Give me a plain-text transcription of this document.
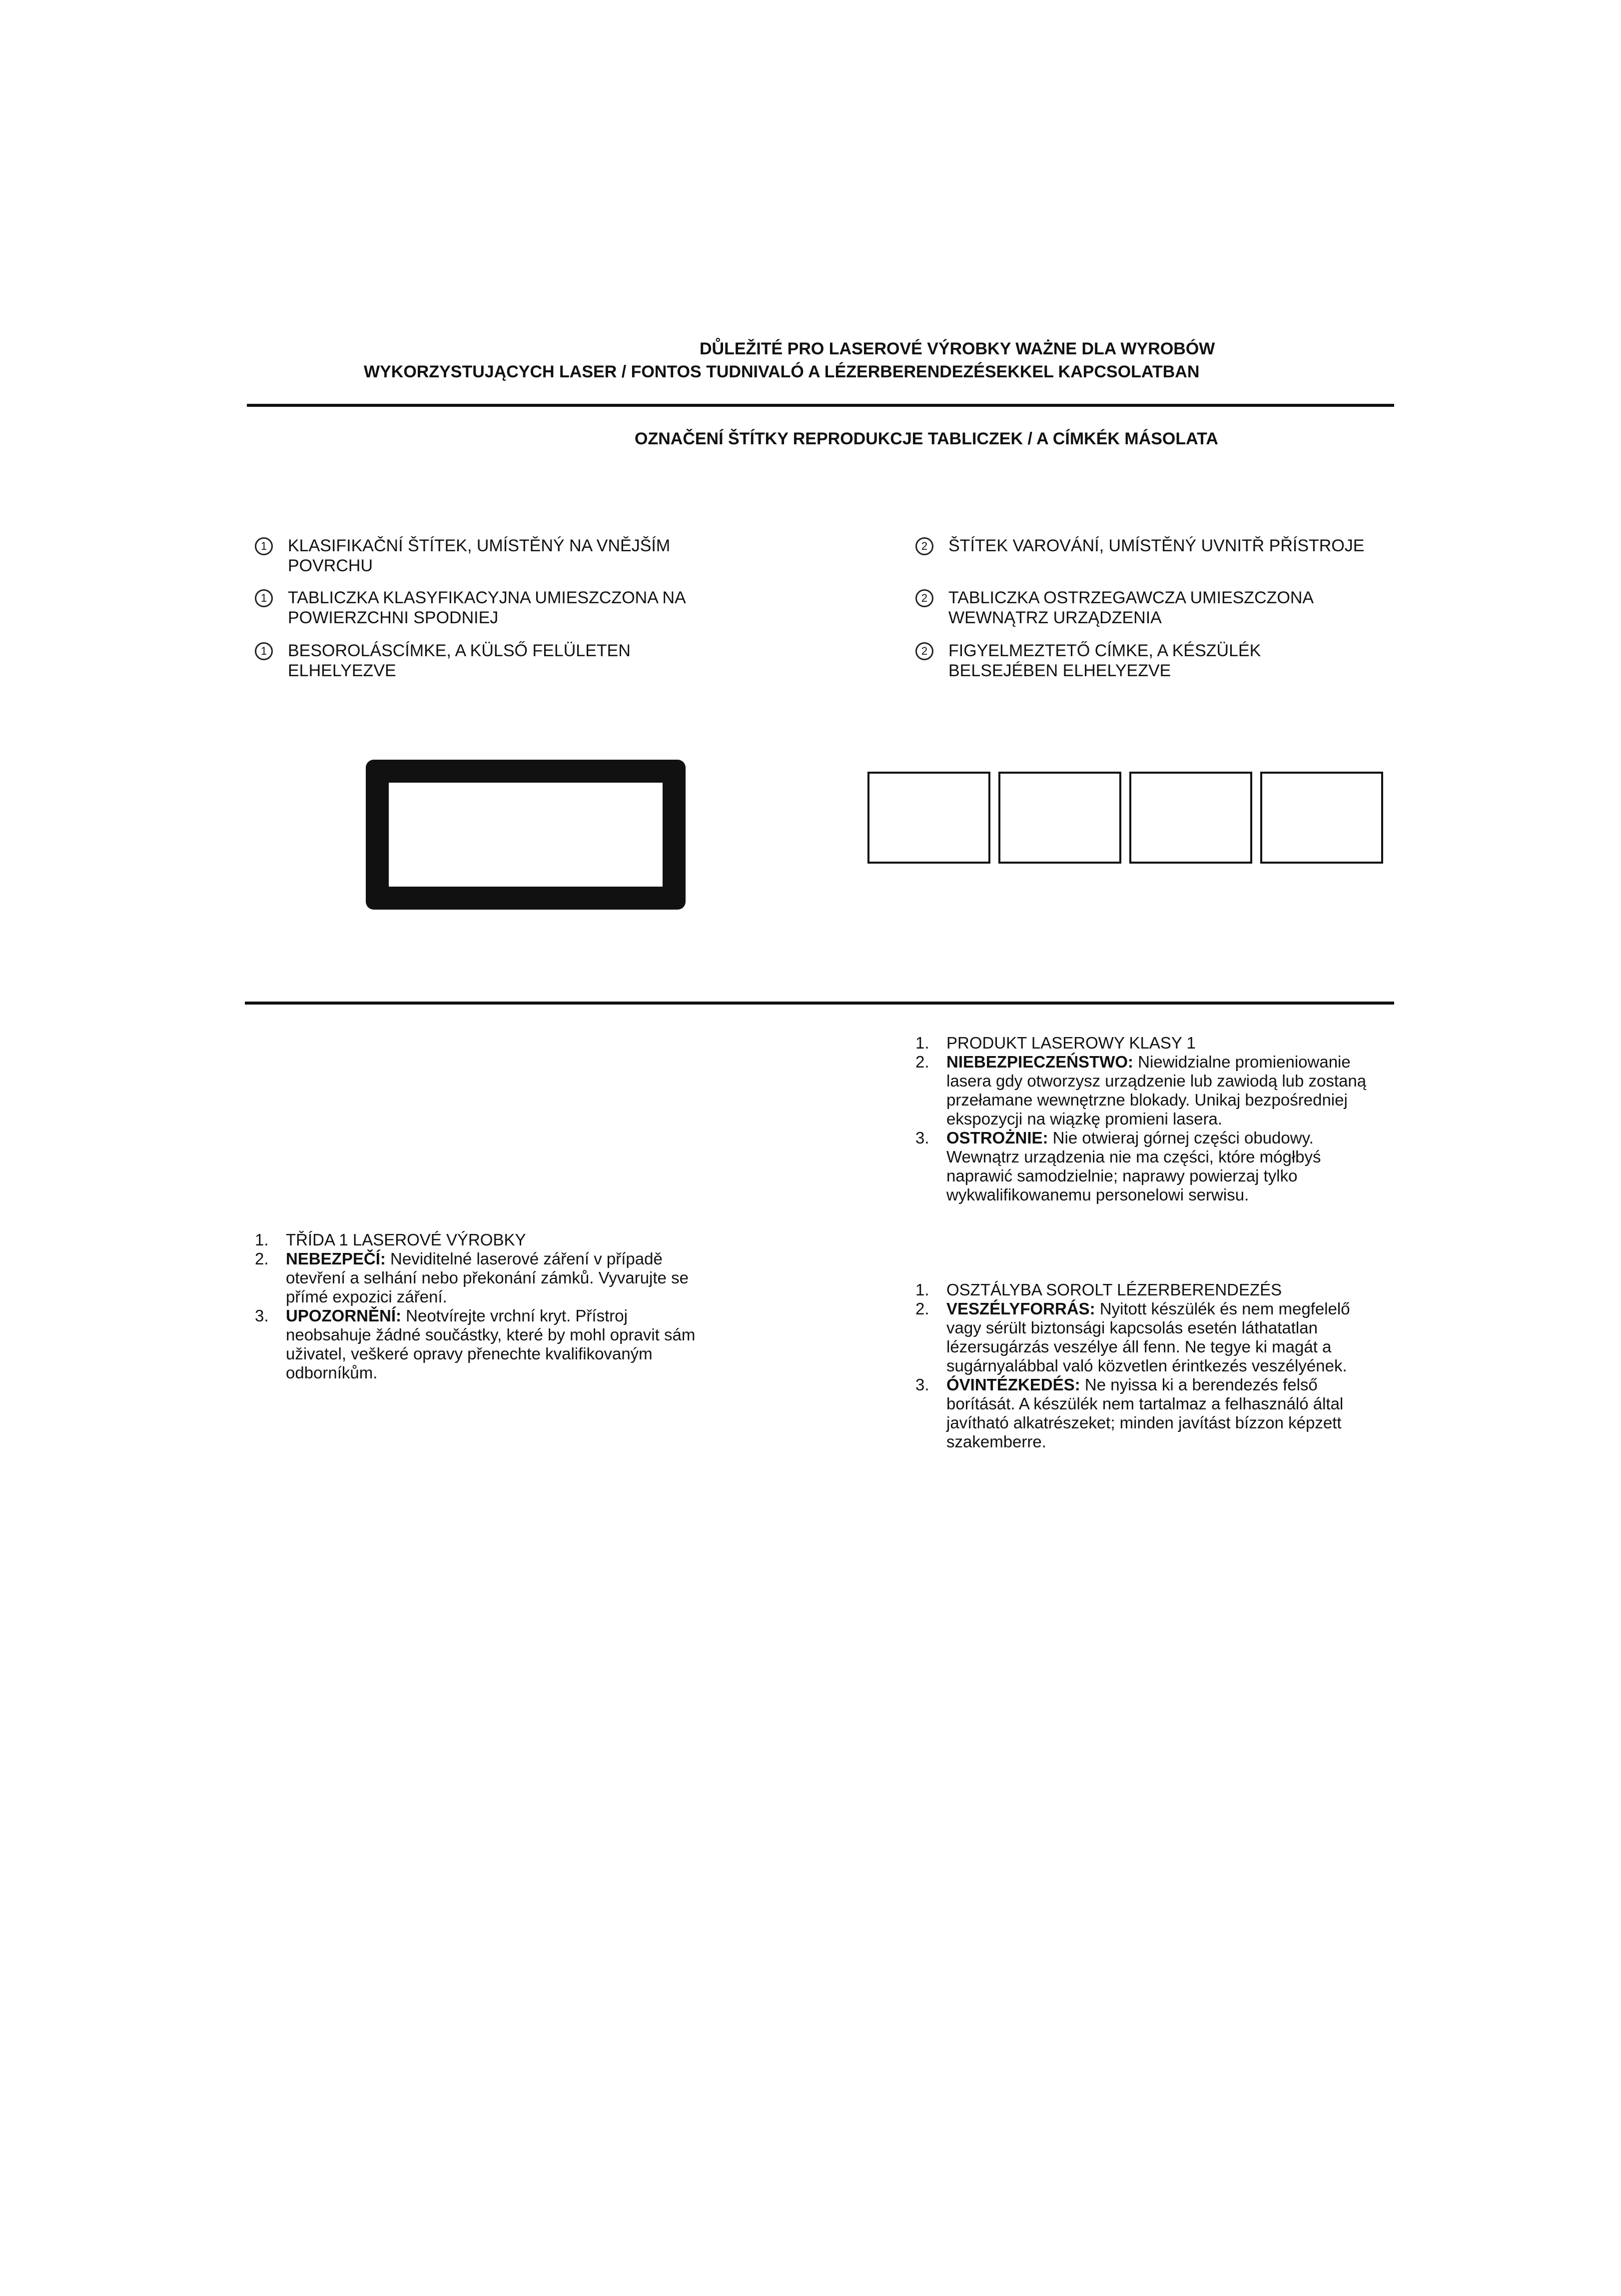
DŮLEŽITÉ PRO LASEROVÉ VÝROBKY WAŻNE DLA WYROBÓW
WYKORZYSTUJĄCYCH LASER / FONTOS TUDNIVALÓ A LÉZERBERENDEZÉSEKKEL KAPCSOLATBAN
OZNAČENÍ ŠTÍTKY REPRODUKCJE TABLICZEK / A CÍMKÉK MÁSOLATA
1	KLASIFIKAČNÍ ŠTÍTEK, UMÍSTĚNÝ NA VNĚJŠÍM POVRCHU
1	TABLICZKA KLASYFIKACYJNA UMIESZCZONA NA POWIERZCHNI SPODNIEJ
1	BESOROLÁSCÍMKE, A KÜLSŐ FELÜLETEN ELHELYEZVE
2	ŠTÍTEK VAROVÁNÍ, UMÍSTĚNÝ UVNITŘ PŘÍSTROJE
2	TABLICZKA OSTRZEGAWCZA UMIESZCZONA WEWNĄTRZ URZĄDZENIA
2	FIGYELMEZTETŐ CÍMKE, A KÉSZÜLÉK BELSEJÉBEN ELHELYEZVE
1. PRODUKT LASEROWY KLASY 1
2. NIEBEZPIECZEŃSTWO: Niewidzialne promieniowanie lasera gdy otworzysz urządzenie lub zawiodą lub zostaną przełamane wewnętrzne blokady. Unikaj bezpośredniej ekspozycji na wiązkę promieni lasera.
3. OSTROŻNIE: Nie otwieraj górnej części obudowy. Wewnątrz urządzenia nie ma części, które mógłbyś naprawić samodzielnie; naprawy powierzaj tylko wykwalifikowanemu personelowi serwisu.
1. TŘÍDA 1 LASEROVÉ VÝROBKY
2. NEBEZPEČÍ: Neviditelné laserové záření v případě otevření a selhání nebo překonání zámků. Vyvarujte se přímé expozici záření.
3. UPOZORNĚNÍ: Neotvírejte vrchní kryt. Přístroj neobsahuje žádné součástky, které by mohl opravit sám uživatel, veškeré opravy přenechte kvalifikovaným odborníkům.
1. OSZTÁLYBA SOROLT LÉZERBERENDEZÉS
2. VESZÉLYFORRÁS: Nyitott készülék és nem megfelelő vagy sérült biztonsági kapcsolás esetén láthatatlan lézersugárzás veszélye áll fenn. Ne tegye ki magát a sugárnyalábbal való közvetlen érintkezés veszélyének.
3. ÓVINTÉZKEDÉS: Ne nyissa ki a berendezés felső borítását. A készülék nem tartalmaz a felhasználó által javítható alkatrészeket; minden javítást bízzon képzett szakemberre.
